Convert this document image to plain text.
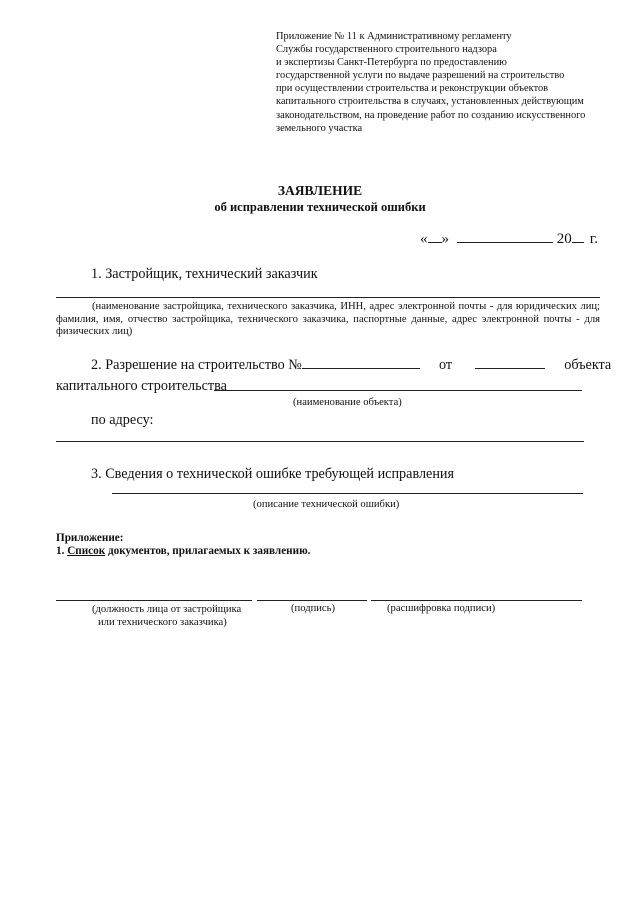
Приложение № 11 к Административному регламенту
Службы государственного строительного надзора
и экспертизы Санкт-Петербурга по предоставлению
государственной услуги по выдаче разрешений на строительство
при осуществлении строительства и реконструкции объектов
капитального строительства в случаях, установленных действующим
законодательством, на проведение работ по созданию искусственного
земельного участка
ЗАЯВЛЕНИЕ
об исправлении технической ошибки
« »	20 г.
1. Застройщик, технический заказчик
(наименование застройщика, технического заказчика, ИНН, адрес электронной почты - для юридических лиц; фамилия, имя, отчество застройщика, технического заказчика, паспортные данные, адрес электронной почты - для физических лиц)
2. Разрешение на строительство №	от	объекта
капитального строительства
(наименование объекта)
по адресу:
3. Сведения о технической ошибке требующей исправления
(описание технической ошибки)
Приложение:
1. Список документов, прилагаемых к заявлению.
(должность лица от застройщика
или технического заказчика)
(подпись)	(расшифровка подписи)
